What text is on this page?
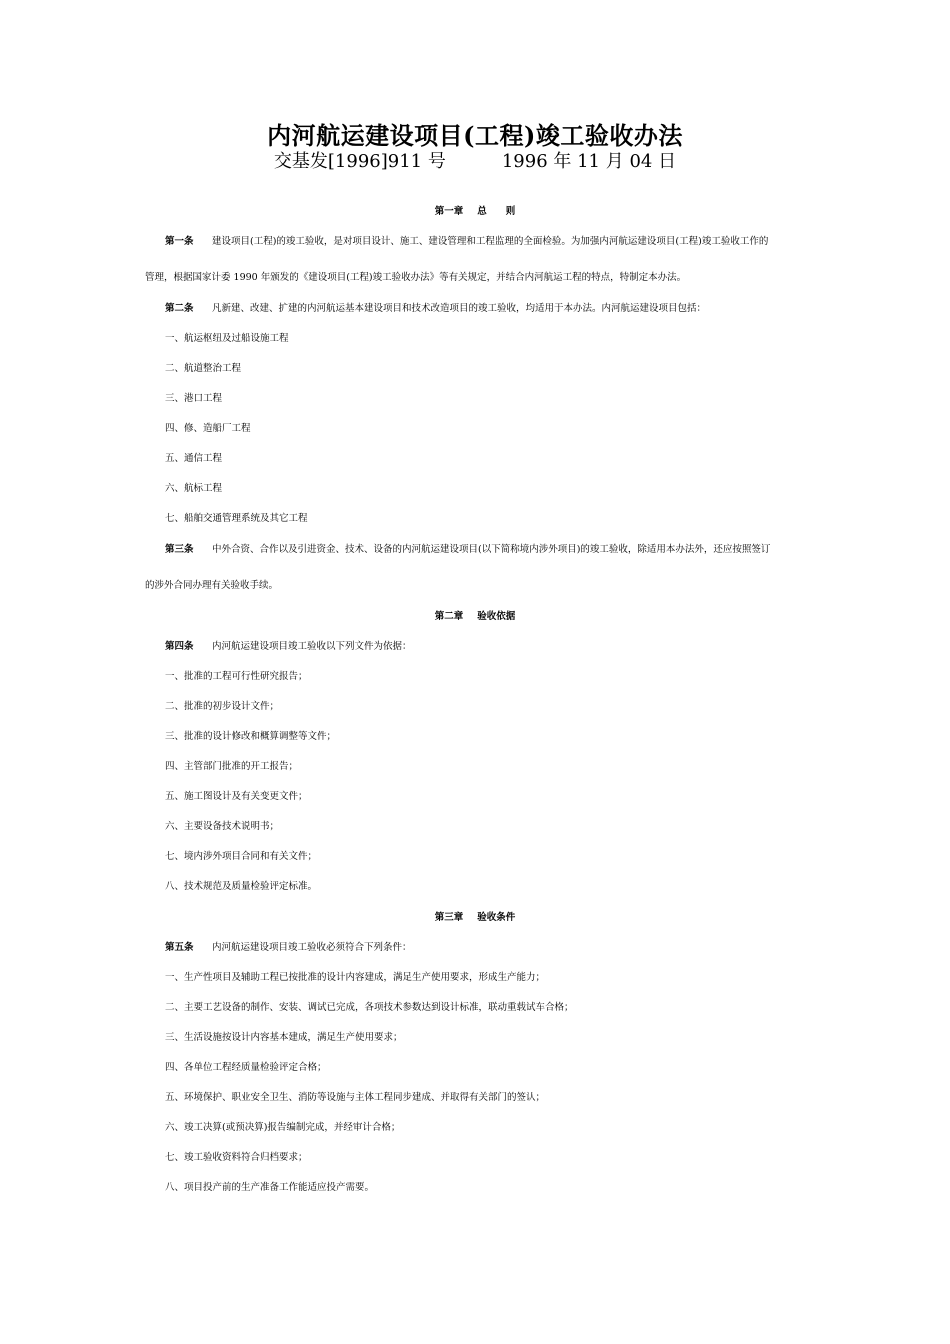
内河航运建设项目(工程)竣工验收办法
交基发[1996]911 号	1996 年 11 月 04 日
第一章 总　　则
第一条 建设项目(工程)的竣工验收，是对项目设计、施工、建设管理和工程监理的全面检验。为加强内河航运建设项目(工程)竣工验收工作的
管理，根据国家计委 1990 年颁发的《建设项目(工程)竣工验收办法》等有关规定，并结合内河航运工程的特点，特制定本办法。
第二条 凡新建、改建、扩建的内河航运基本建设项目和技术改造项目的竣工验收，均适用于本办法。内河航运建设项目包括：
一、航运枢纽及过船设施工程
二、航道整治工程
三、港口工程
四、修、造船厂工程
五、通信工程
六、航标工程
七、船舶交通管理系统及其它工程
第三条 中外合资、合作以及引进资金、技术、设备的内河航运建设项目(以下简称境内涉外项目)的竣工验收，除适用本办法外，还应按照签订
的涉外合同办理有关验收手续。
第二章 验收依据
第四条 内河航运建设项目竣工验收以下列文件为依据：
一、批准的工程可行性研究报告；
二、批准的初步设计文件；
三、批准的设计修改和概算调整等文件；
四、主管部门批准的开工报告；
五、施工图设计及有关变更文件；
六、主要设备技术说明书；
七、境内涉外项目合同和有关文件；
八、技术规范及质量检验评定标准。
第三章 验收条件
第五条 内河航运建设项目竣工验收必须符合下列条件：
一、生产性项目及辅助工程已按批准的设计内容建成，满足生产使用要求，形成生产能力；
二、主要工艺设备的制作、安装、调试已完成，各项技术参数达到设计标准，联动重载试车合格；
三、生活设施按设计内容基本建成，满足生产使用要求；
四、各单位工程经质量检验评定合格；
五、环境保护、职业安全卫生、消防等设施与主体工程同步建成、并取得有关部门的签认；
六、竣工决算(或预决算)报告编制完成，并经审计合格；
七、竣工验收资料符合归档要求；
八、项目投产前的生产准备工作能适应投产需要。
